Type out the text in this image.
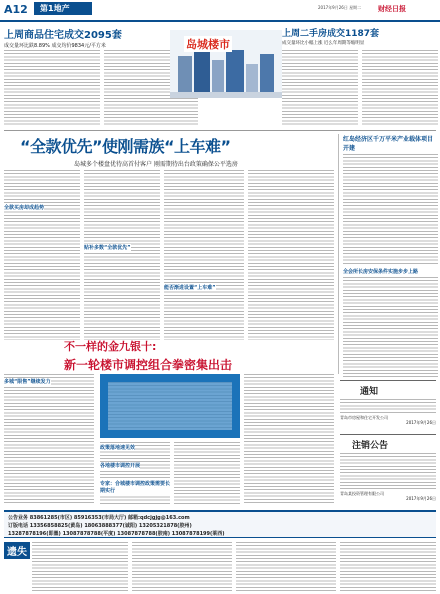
A12 第1地产	2017年9月26日 星期二 财经日报
上周商品住宅成交2095套
成交量环比跌8.89% 成交均价9834元/平方米	岛城楼市
上周二手房成交1187套
成交量环比小幅上涨 近么年周期等缩明显
“全款优先”使刚需族“上车难”
岛城多个楼盘优待高首付客户 刚需期待出台政策确保公平选房
全款买房却成趋势
贴补多数“全款优先”
能否渐进设置“上车难”
红岛经济区千万平米产业载体项目开建
全会所长房安保条件实施步步上路
不一样的金九银十:
新一轮楼市调控组合拳密集出击
多城“限售”继续发力
政策落地速见效
各地楼市调控开展
专家：合城楼市调控政策需要长期实行
通知
青岛市房屋和住宅开发公司
2017年9月26日
注销公告
青岛某投资管理有限公司
2017年9月26日
公告业务 83861285(市区) 85916353(市局大厅) 邮箱:qdcjgjg@163.com
订版电话 13356858825(黄岛) 18063888377(诚阳) 13205321878(胶州)
13287878196(即墨) 13087878788(平度) 13087878788(胶南) 13087878199(莱西)
遗失
